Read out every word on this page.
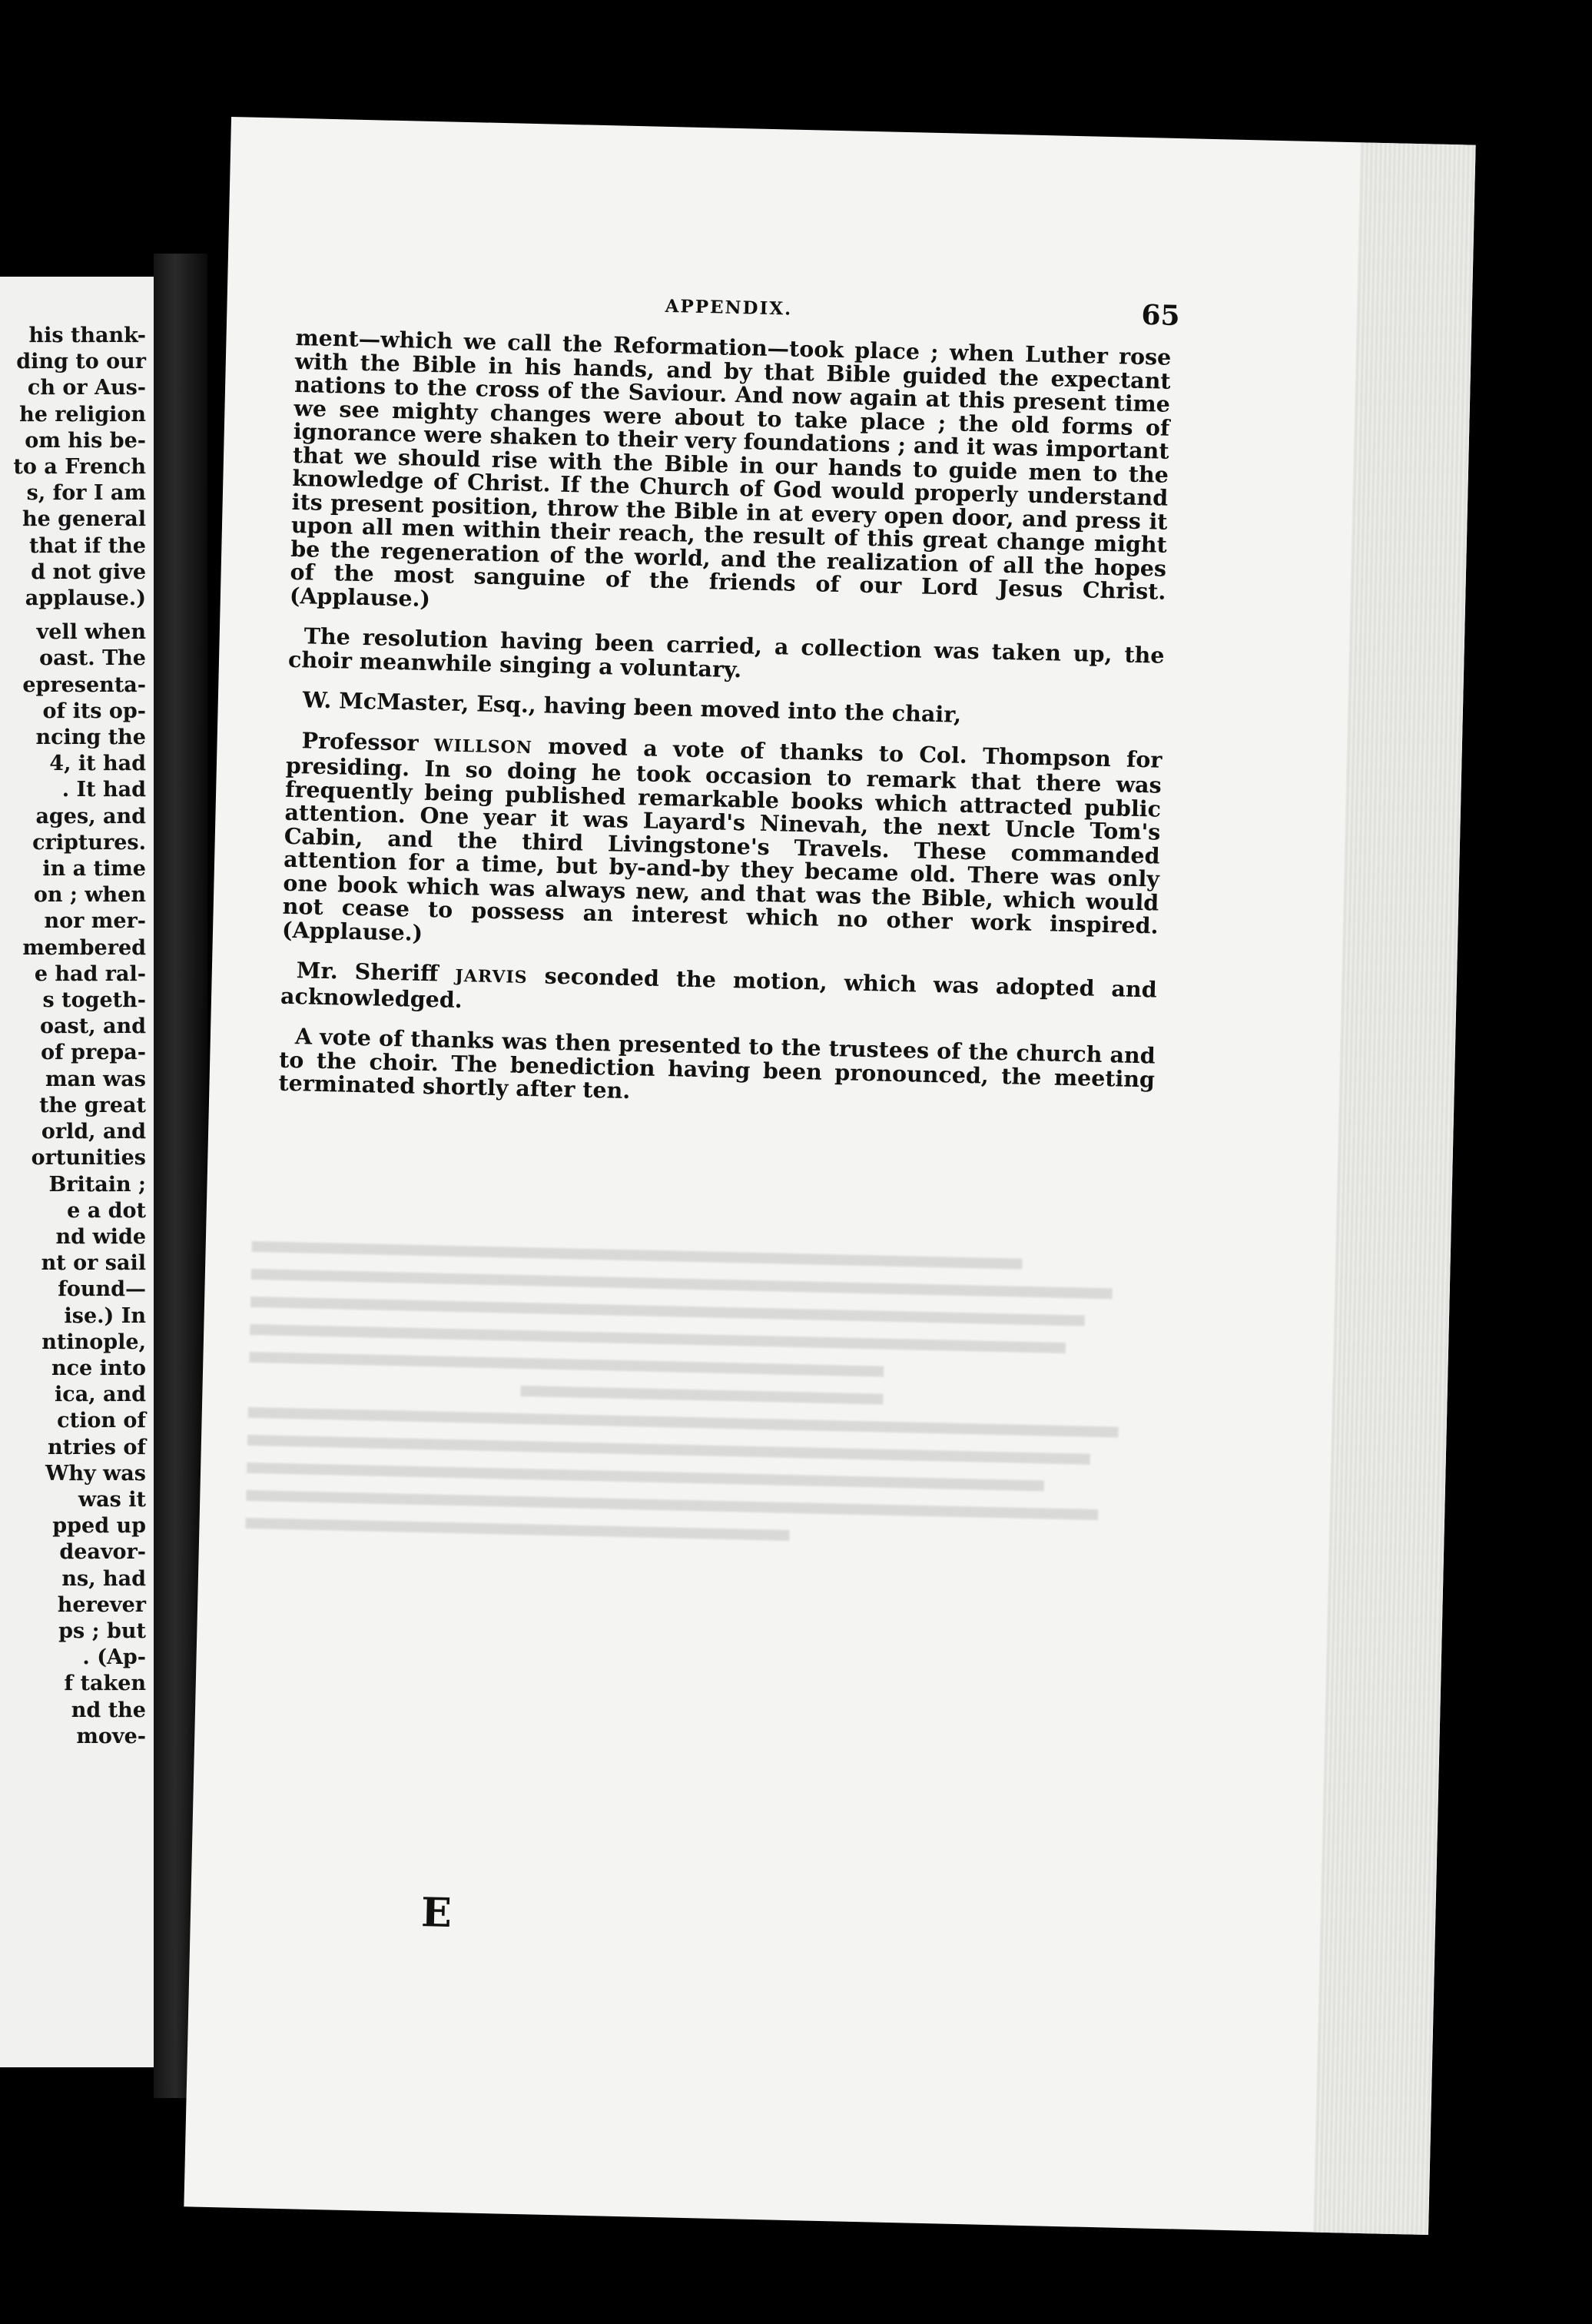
his thank-
ding to our
ch or Aus-
he religion
om his be-
to a French
s, for I am
he general
that if the
d not give
applause.)
vell when
oast. The
epresenta-
of its op-
ncing the
4, it had
. It had
ages, and
criptures.
in a time
on ; when
nor mer-
membered
e had ral-
s togeth-
oast, and
of prepa-
man was
the great
orld, and
ortunities
Britain ;
e a dot
nd wide
nt or sail
found—
ise.) In
ntinople,
nce into
ica, and
ction of
ntries of
Why was
was it
pped up
deavor-
ns, had
herever
ps ; but
. (Ap-
f taken
nd the
move-
APPENDIX.	65

ment—which we call the Reformation—took place ; when Luther rose with the Bible in his hands, and by that Bible guided the expectant nations to the cross of the Saviour. And now again at this present time we see mighty changes were about to take place ; the old forms of ignorance were shaken to their very foundations ; and it was important that we should rise with the Bible in our hands to guide men to the knowledge of Christ. If the Church of God would properly understand its present position, throw the Bible in at every open door, and press it upon all men within their reach, the result of this great change might be the regeneration of the world, and the realization of all the hopes of the most sanguine of the friends of our Lord Jesus Christ. (Applause.)

The resolution having been carried, a collection was taken up, the choir meanwhile singing a voluntary.

W. McMaster, Esq., having been moved into the chair,

Professor WILLSON moved a vote of thanks to Col. Thompson for presiding. In so doing he took occasion to remark that there was frequently being published remarkable books which attracted public attention. One year it was Layard's Ninevah, the next Uncle Tom's Cabin, and the third Livingstone's Travels. These commanded attention for a time, but by-and-by they became old. There was only one book which was always new, and that was the Bible, which would not cease to possess an interest which no other work inspired. (Applause.)

Mr. Sheriff JARVIS seconded the motion, which was adopted and acknowledged.

A vote of thanks was then presented to the trustees of the church and to the choir. The benediction having been pronounced, the meeting terminated shortly after ten.

E
